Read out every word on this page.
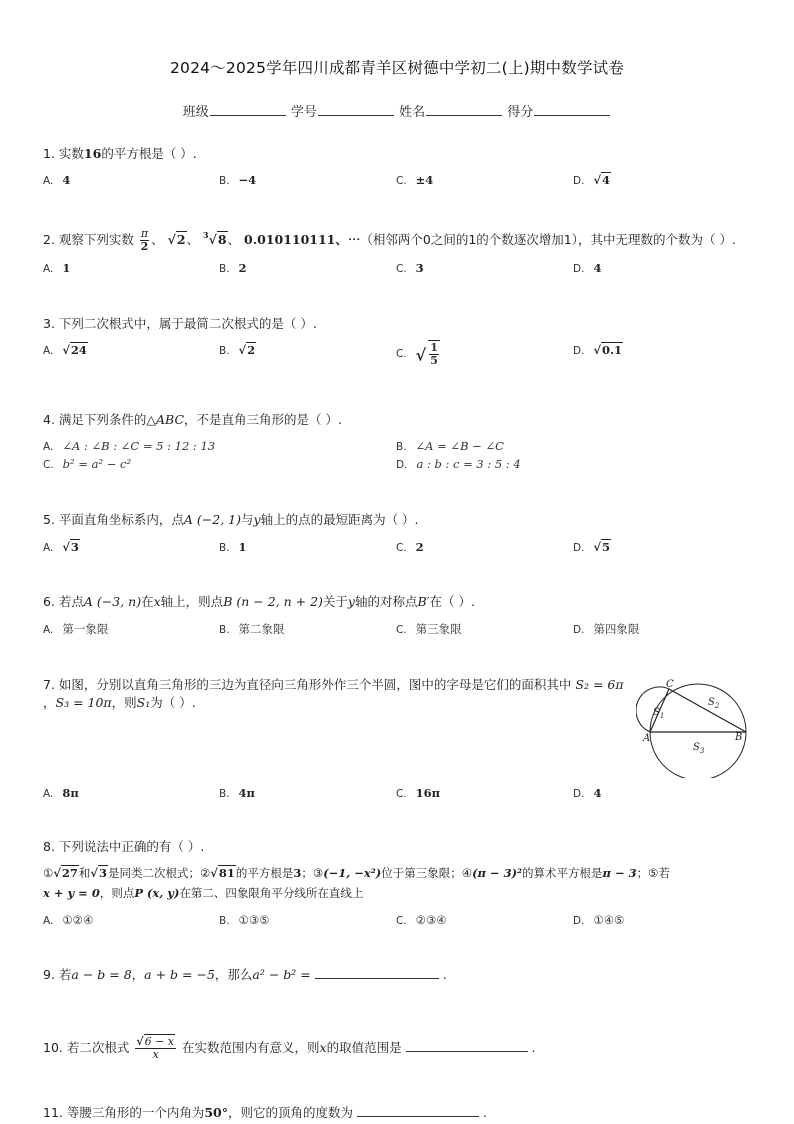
2024～2025学年四川成都青羊区树德中学初二(上)期中数学试卷
班级	学号	姓名	得分
1. 实数16的平方根是（ ）.
A. 4	B. −4	C. ±4	D. √4
2. 观察下列实数 $\frac{\pi}{2}$ 、 √2、 $^3$√8、 0.010110111、⋯（相邻两个0之间的1的个数逐次增加1），其中无理数的个数为（ ）.
A. 1	B. 2	C. 3	D. 4
3. 下列二次根式中，属于最简二次根式的是（ ）.
A. √24	B. √2	C. √ $\frac{1}{5}$	D. √0.1
4. 满足下列条件的△ABC，不是直角三角形的是（ ）.
A. ∠A : ∠B : ∠C = 5 : 12 : 13	B. ∠A = ∠B − ∠C
C. b² = a² − c²	D. a : b : c = 3 : 5 : 4
5. 平面直角坐标系内，点A (−2, 1)与y轴上的点的最短距离为（ ）.
A. √3	B. 1	C. 2	D. √5
6. 若点A (−3, n)在x轴上，则点B (n − 2, n + 2)关于y轴的对称点B′在（ ）.
A. 第一象限	B. 第二象限	C. 第三象限	D. 第四象限
7. 如图，分别以直角三角形的三边为直径向三角形外作三个半圆，图中的字母是它们的面积其中 S₂ = 6π
，S₃ = 10π，则S₁为（ ）.
C
$S_1$
$S_2$
A	B
$S_3$
A. 8π	B. 4π	C. 16π	D. 4
8. 下列说法中正确的有（ ）.
①√27和√3是同类二次根式；②√81的平方根是3；③(−1, −x²)位于第三象限；④(π − 3)²的算术平方根是π − 3；⑤若
x + y = 0，则点P (x, y)在第二、四象限角平分线所在直线上
A. ①②④	B. ①③⑤	C. ②③④	D. ①④⑤
9. 若a − b = 8，a + b = −5，那么a² − b² =	.
10. 若二次根式 $\frac{√6 - x}{x}$ 在实数范围内有意义，则x的取值范围是	.
11. 等腰三角形的一个内角为50°，则它的顶角的度数为	.
